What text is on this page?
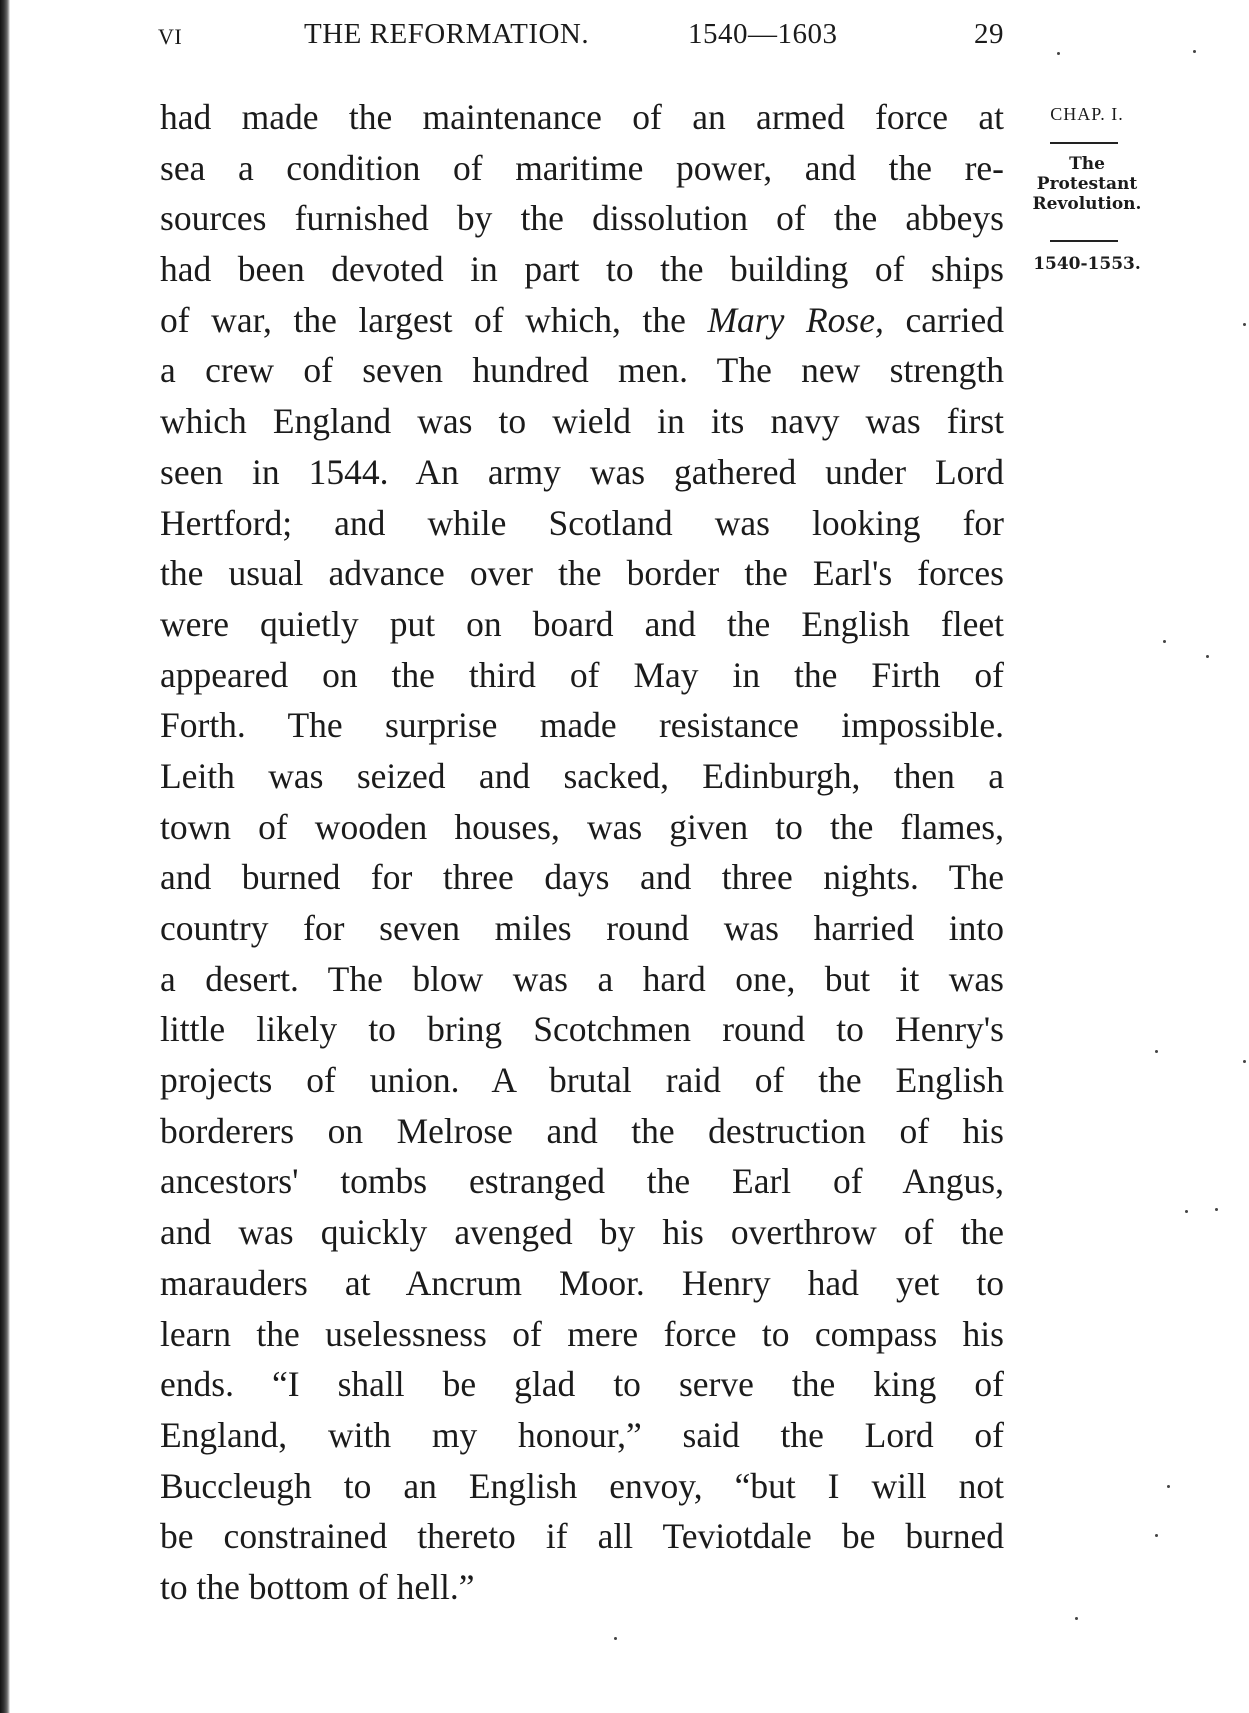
VI	THE REFORMATION.	1540—1603	29
had made the maintenance of an armed force at
sea a condition of maritime power, and the re-
sources furnished by the dissolution of the abbeys
had been devoted in part to the building of ships
of war, the largest of which, the Mary Rose, carried
a crew of seven hundred men. The new strength
which England was to wield in its navy was first
seen in 1544. An army was gathered under Lord
Hertford; and while Scotland was looking for
the usual advance over the border the Earl's forces
were quietly put on board and the English fleet
appeared on the third of May in the Firth of
Forth. The surprise made resistance impossible.
Leith was seized and sacked, Edinburgh, then a
town of wooden houses, was given to the flames,
and burned for three days and three nights. The
country for seven miles round was harried into
a desert. The blow was a hard one, but it was
little likely to bring Scotchmen round to Henry's
projects of union. A brutal raid of the English
borderers on Melrose and the destruction of his
ancestors' tombs estranged the Earl of Angus,
and was quickly avenged by his overthrow of the
marauders at Ancrum Moor. Henry had yet to
learn the uselessness of mere force to compass his
ends. “I shall be glad to serve the king of
England, with my honour,” said the Lord of
Buccleugh to an English envoy, “but I will not
be constrained thereto if all Teviotdale be burned
to the bottom of hell.”
CHAP. I.
The
Protestant
Revolution.
1540-1553.
